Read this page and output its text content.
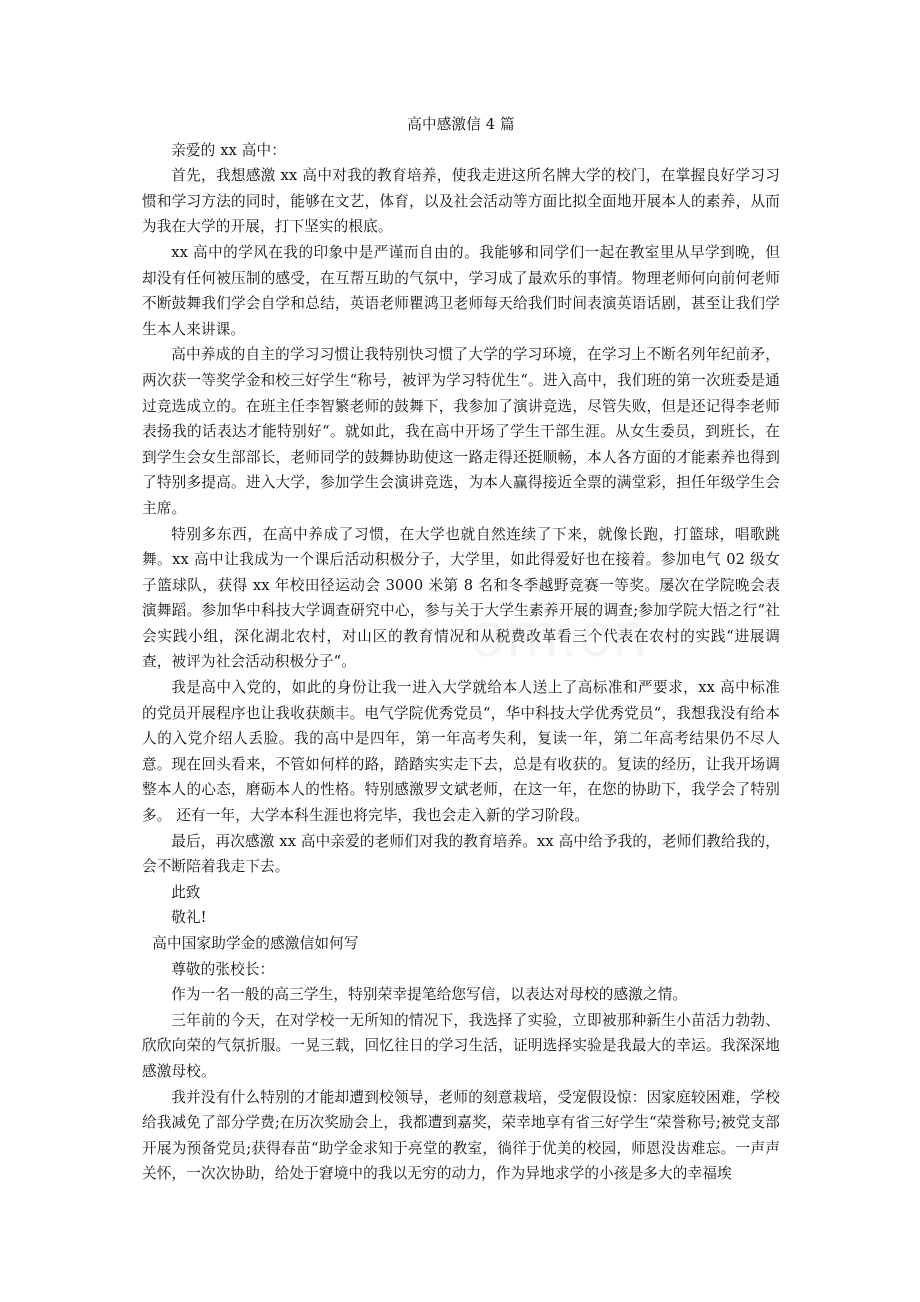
om.cn
高中感激信 4 篇
亲爱的 xx 高中：
首先，我想感激 xx 高中对我的教育培养，使我走进这所名牌大学的校门，在掌握良好学习习惯和学习方法的同时，能够在文艺，体育，以及社会活动等方面比拟全面地开展本人的素养，从而为我在大学的开展，打下坚实的根底。
xx 高中的学风在我的印象中是严谨而自由的。我能够和同学们一起在教室里从早学到晚，但却没有任何被压制的感受，在互帮互助的气氛中，学习成了最欢乐的事情。物理老师何向前何老师不断鼓舞我们学会自学和总结，英语老师瞿鸿卫老师每天给我们时间表演英语话剧，甚至让我们学生本人来讲课。
高中养成的自主的学习习惯让我特别快习惯了大学的学习环境，在学习上不断名列年纪前矛，两次获一等奖学金和校三好学生“称号，被评为学习特优生“。进入高中，我们班的第一次班委是通过竞选成立的。在班主任李智繁老师的鼓舞下，我参加了演讲竞选，尽管失败，但是还记得李老师表扬我的话表达才能特别好“。就如此，我在高中开场了学生干部生涯。从女生委员，到班长，在到学生会女生部部长，老师同学的鼓舞协助使这一路走得还挺顺畅，本人各方面的才能素养也得到了特别多提高。进入大学，参加学生会演讲竞选，为本人赢得接近全票的满堂彩，担任年级学生会主席。
特别多东西，在高中养成了习惯，在大学也就自然连续了下来，就像长跑，打篮球，唱歌跳舞。xx 高中让我成为一个课后活动积极分子，大学里，如此得爱好也在接着。参加电气 02 级女子篮球队，获得 xx 年校田径运动会 3000 米第 8 名和冬季越野竞赛一等奖。屡次在学院晚会表演舞蹈。参加华中科技大学调查研究中心，参与关于大学生素养开展的调查;参加学院大悟之行“社会实践小组，深化湖北农村，对山区的教育情况和从税费改革看三个代表在农村的实践“进展调查，被评为社会活动积极分子“。
我是高中入党的，如此的身份让我一进入大学就给本人送上了高标准和严要求，xx 高中标准的党员开展程序也让我收获颇丰。电气学院优秀党员“，华中科技大学优秀党员“，我想我没有给本人的入党介绍人丢脸。我的高中是四年，第一年高考失利，复读一年，第二年高考结果仍不尽人意。现在回头看来，不管如何样的路，踏踏实实走下去，总是有收获的。复读的经历，让我开场调整本人的心态，磨砺本人的性格。特别感激罗文斌老师，在这一年，在您的协助下，我学会了特别多。 还有一年，大学本科生涯也将完毕，我也会走入新的学习阶段。
最后，再次感激 xx 高中亲爱的老师们对我的教育培养。xx 高中给予我的，老师们教给我的，会不断陪着我走下去。
此致
敬礼!
高中国家助学金的感激信如何写
尊敬的张校长：
作为一名一般的高三学生，特别荣幸提笔给您写信，以表达对母校的感激之情。
三年前的今天，在对学校一无所知的情况下，我选择了实验，立即被那种新生小苗活力勃勃、欣欣向荣的气氛折服。一晃三载，回忆往日的学习生活，证明选择实验是我最大的幸运。我深深地感激母校。
我并没有什么特别的才能却遭到校领导，老师的刻意栽培，受宠假设惊：因家庭较困难，学校给我减免了部分学费;在历次奖励会上，我都遭到嘉奖，荣幸地享有省三好学生“荣誉称号;被党支部开展为预备党员;获得春苗“助学金求知于亮堂的教室，徜徉于优美的校园，师恩没齿难忘。一声声关怀，一次次协助，给处于窘境中的我以无穷的动力，作为异地求学的小孩是多大的幸福埃
